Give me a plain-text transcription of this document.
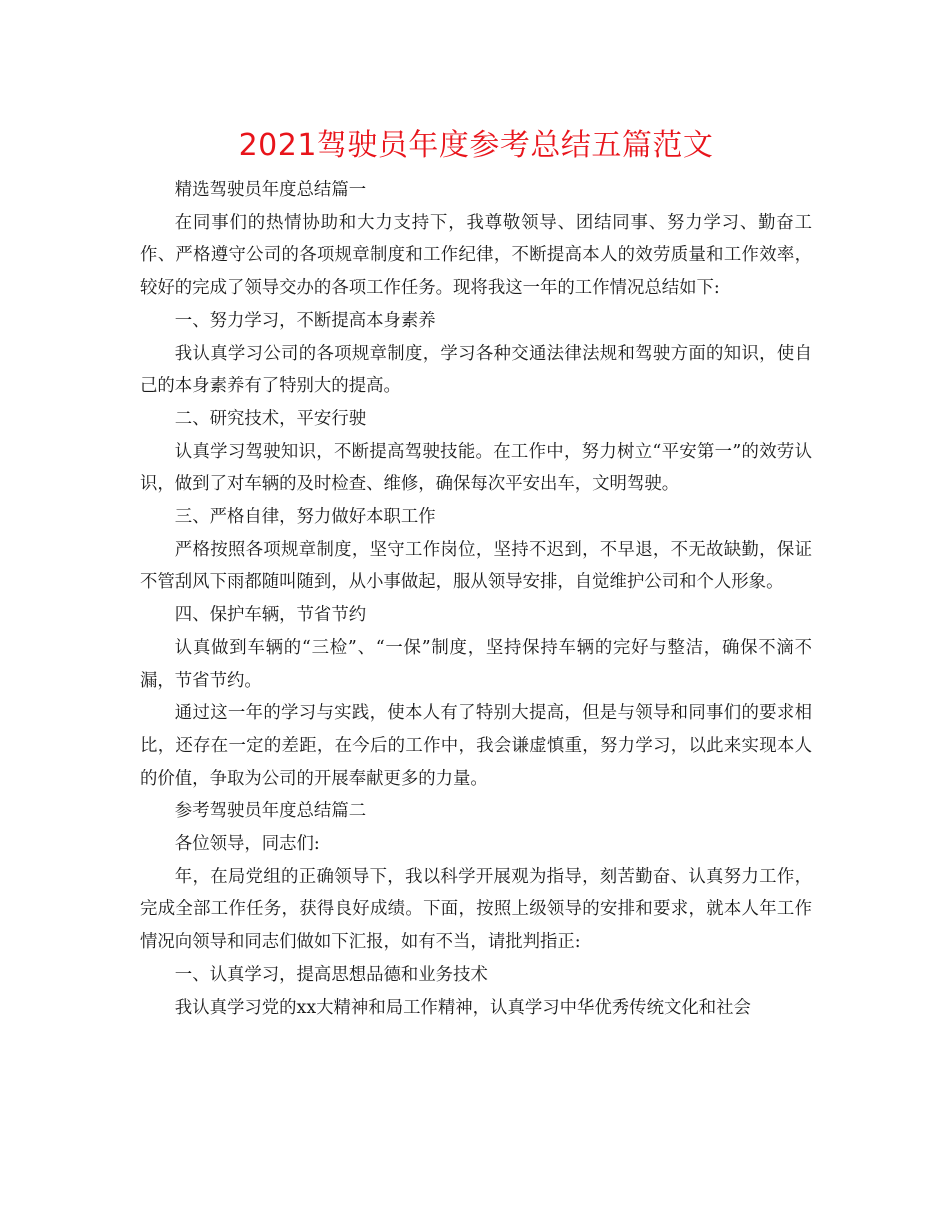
2021驾驶员年度参考总结五篇范文

精选驾驶员年度总结篇一

在同事们的热情协助和大力支持下，我尊敬领导、团结同事、努力学习、勤奋工作、严格遵守公司的各项规章制度和工作纪律，不断提高本人的效劳质量和工作效率，较好的完成了领导交办的各项工作任务。现将我这一年的工作情况总结如下:

一、努力学习，不断提高本身素养

我认真学习公司的各项规章制度，学习各种交通法律法规和驾驶方面的知识，使自己的本身素养有了特别大的提高。

二、研究技术，平安行驶

认真学习驾驶知识，不断提高驾驶技能。在工作中，努力树立“平安第一”的效劳认识，做到了对车辆的及时检查、维修，确保每次平安出车，文明驾驶。

三、严格自律，努力做好本职工作

严格按照各项规章制度，坚守工作岗位，坚持不迟到，不早退，不无故缺勤，保证不管刮风下雨都随叫随到，从小事做起，服从领导安排，自觉维护公司和个人形象。

四、保护车辆，节省节约

认真做到车辆的“三检”、“一保”制度，坚持保持车辆的完好与整洁，确保不滴不漏，节省节约。

通过这一年的学习与实践，使本人有了特别大提高，但是与领导和同事们的要求相比，还存在一定的差距，在今后的工作中，我会谦虚慎重，努力学习，以此来实现本人的价值，争取为公司的开展奉献更多的力量。

参考驾驶员年度总结篇二

各位领导，同志们:

年，在局党组的正确领导下，我以科学开展观为指导，刻苦勤奋、认真努力工作，完成全部工作任务，获得良好成绩。下面，按照上级领导的安排和要求，就本人年工作情况向领导和同志们做如下汇报，如有不当，请批判指正:

一、认真学习，提高思想品德和业务技术

我认真学习党的xx大精神和局工作精神，认真学习中华优秀传统文化和社会
